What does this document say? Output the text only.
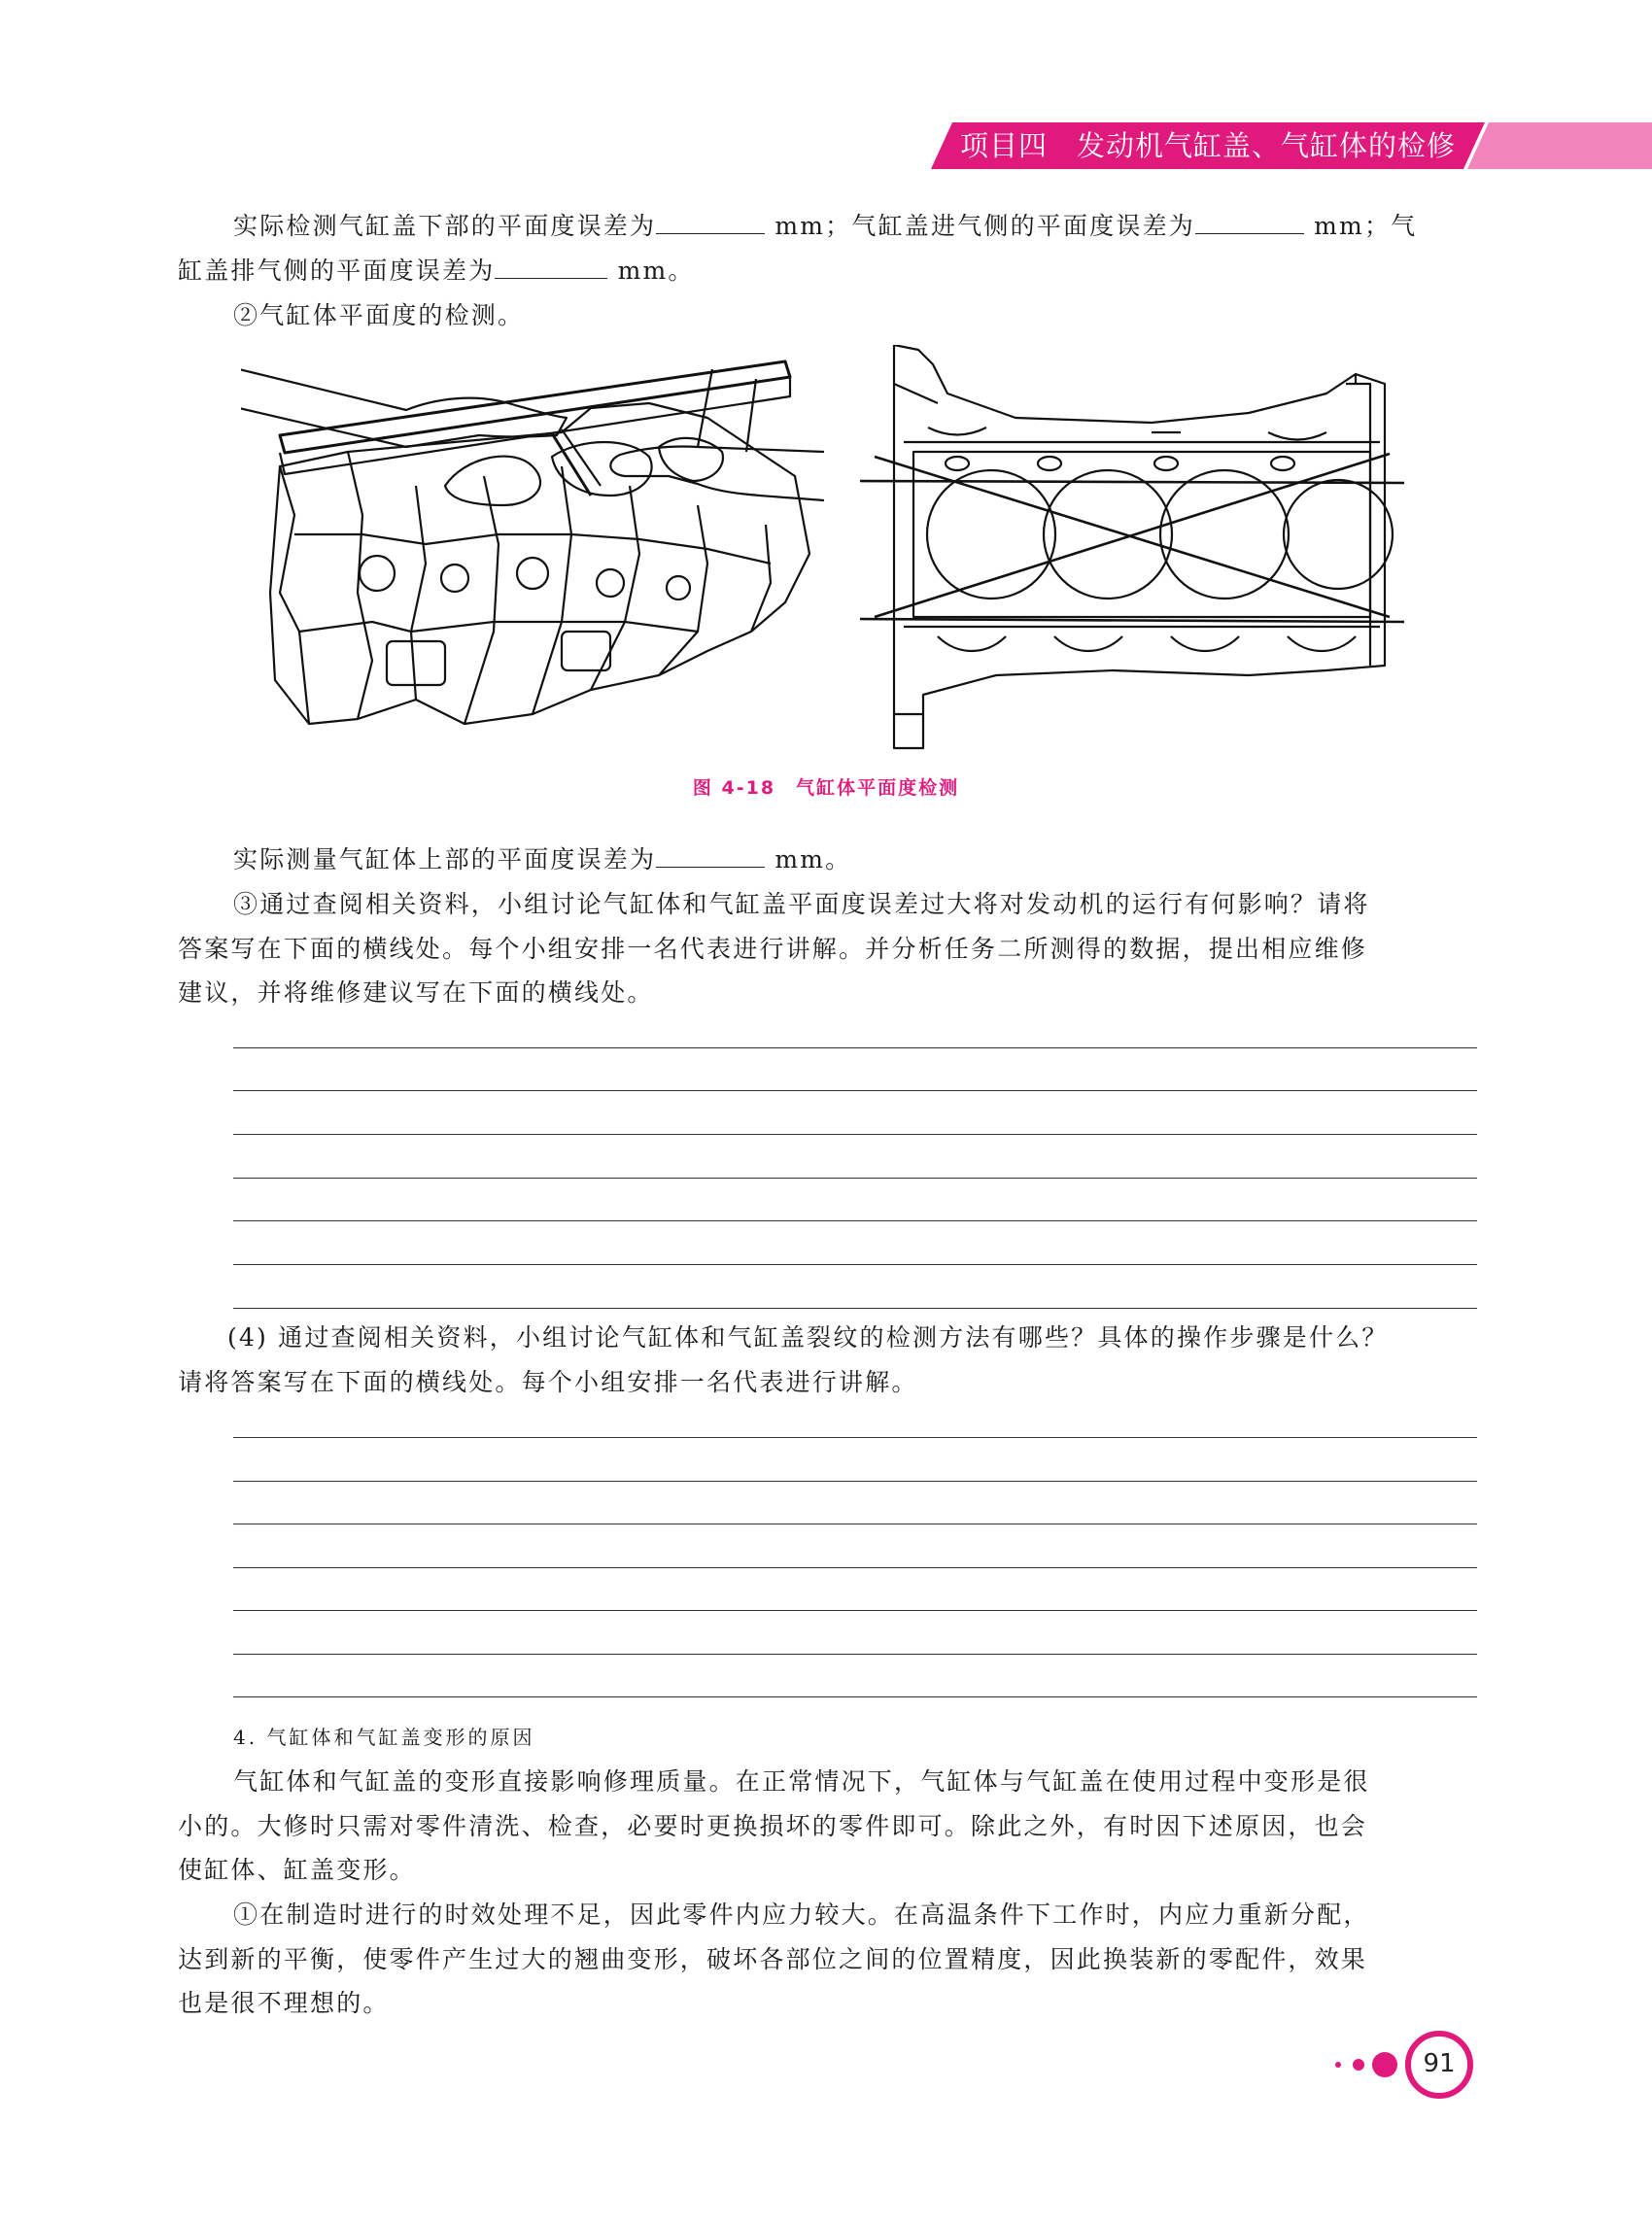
项目四　发动机气缸盖、气缸体的检修
实际检测气缸盖下部的平面度误差为	mm；气缸盖进气侧的平面度误差为	mm；气
缸盖排气侧的平面度误差为	mm。
②气缸体平面度的检测。
图 4-18　气缸体平面度检测
实际测量气缸体上部的平面度误差为	mm。
③通过查阅相关资料，小组讨论气缸体和气缸盖平面度误差过大将对发动机的运行有何影响？请将
答案写在下面的横线处。每个小组安排一名代表进行讲解。并分析任务二所测得的数据，提出相应维修
建议，并将维修建议写在下面的横线处。
(4) 通过查阅相关资料，小组讨论气缸体和气缸盖裂纹的检测方法有哪些？具体的操作步骤是什么？
请将答案写在下面的横线处。每个小组安排一名代表进行讲解。
4. 气缸体和气缸盖变形的原因
气缸体和气缸盖的变形直接影响修理质量。在正常情况下，气缸体与气缸盖在使用过程中变形是很
小的。大修时只需对零件清洗、检查，必要时更换损坏的零件即可。除此之外，有时因下述原因，也会
使缸体、缸盖变形。
①在制造时进行的时效处理不足，因此零件内应力较大。在高温条件下工作时，内应力重新分配，
达到新的平衡，使零件产生过大的翘曲变形，破坏各部位之间的位置精度，因此换装新的零配件，效果
也是很不理想的。
91
